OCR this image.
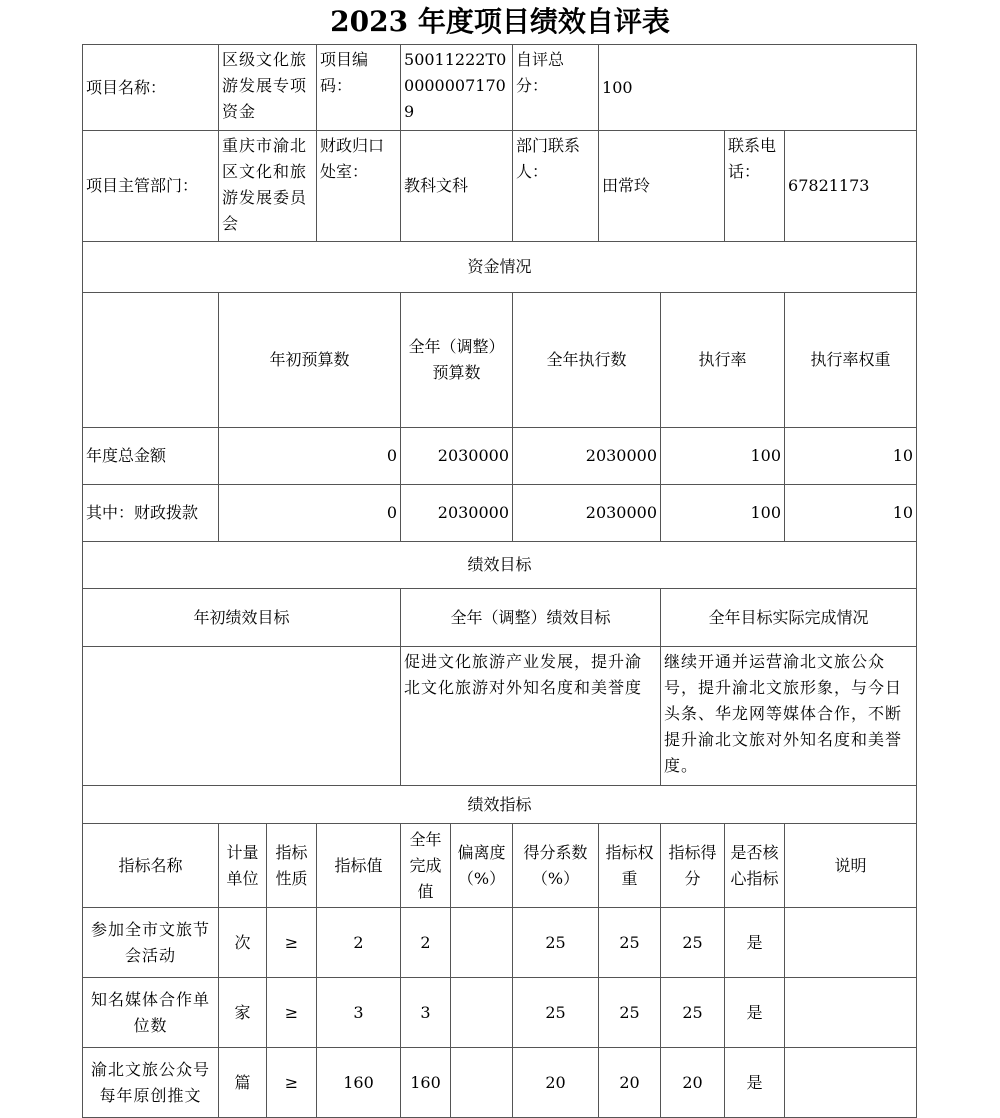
2023 年度项目绩效自评表
项目名称：	区级文化旅游发展专项资金		项目编码：	50011222T000000071709		自评总分：	100				
项目主管部门：	重庆市渝北区文化和旅游发展委员会		财政归口处室：	教科文科		部门联系人：	田常玲		联系电话：	67821173	
资金情况											
	年初预算数			全年（调整）预算数		全年执行数		执行率		执行率权重	
年度总金额	0			2030000		2030000		100		10	
其中：财政拨款	0			2030000		2030000		100		10	
绩效目标											
年初绩效目标				全年（调整）绩效目标				全年目标实际完成情况			
				促进文化旅游产业发展，提升渝北文化旅游对外知名度和美誉度				继续开通并运营渝北文旅公众号，提升渝北文旅形象，与今日头条、华龙网等媒体合作，不断提升渝北文旅对外知名度和美誉度。			
绩效指标											
指标名称	计量单位	指标性质	指标值	全年完成值	偏离度（%）	得分系数（%）	指标权重	指标得分	是否核心指标	说明	
参加全市文旅节会活动	次	≥	2	2		25	25	25	是		
知名媒体合作单位数	家	≥	3	3		25	25	25	是		
渝北文旅公众号每年原创推文	篇	≥	160	160		20	20	20	是		
